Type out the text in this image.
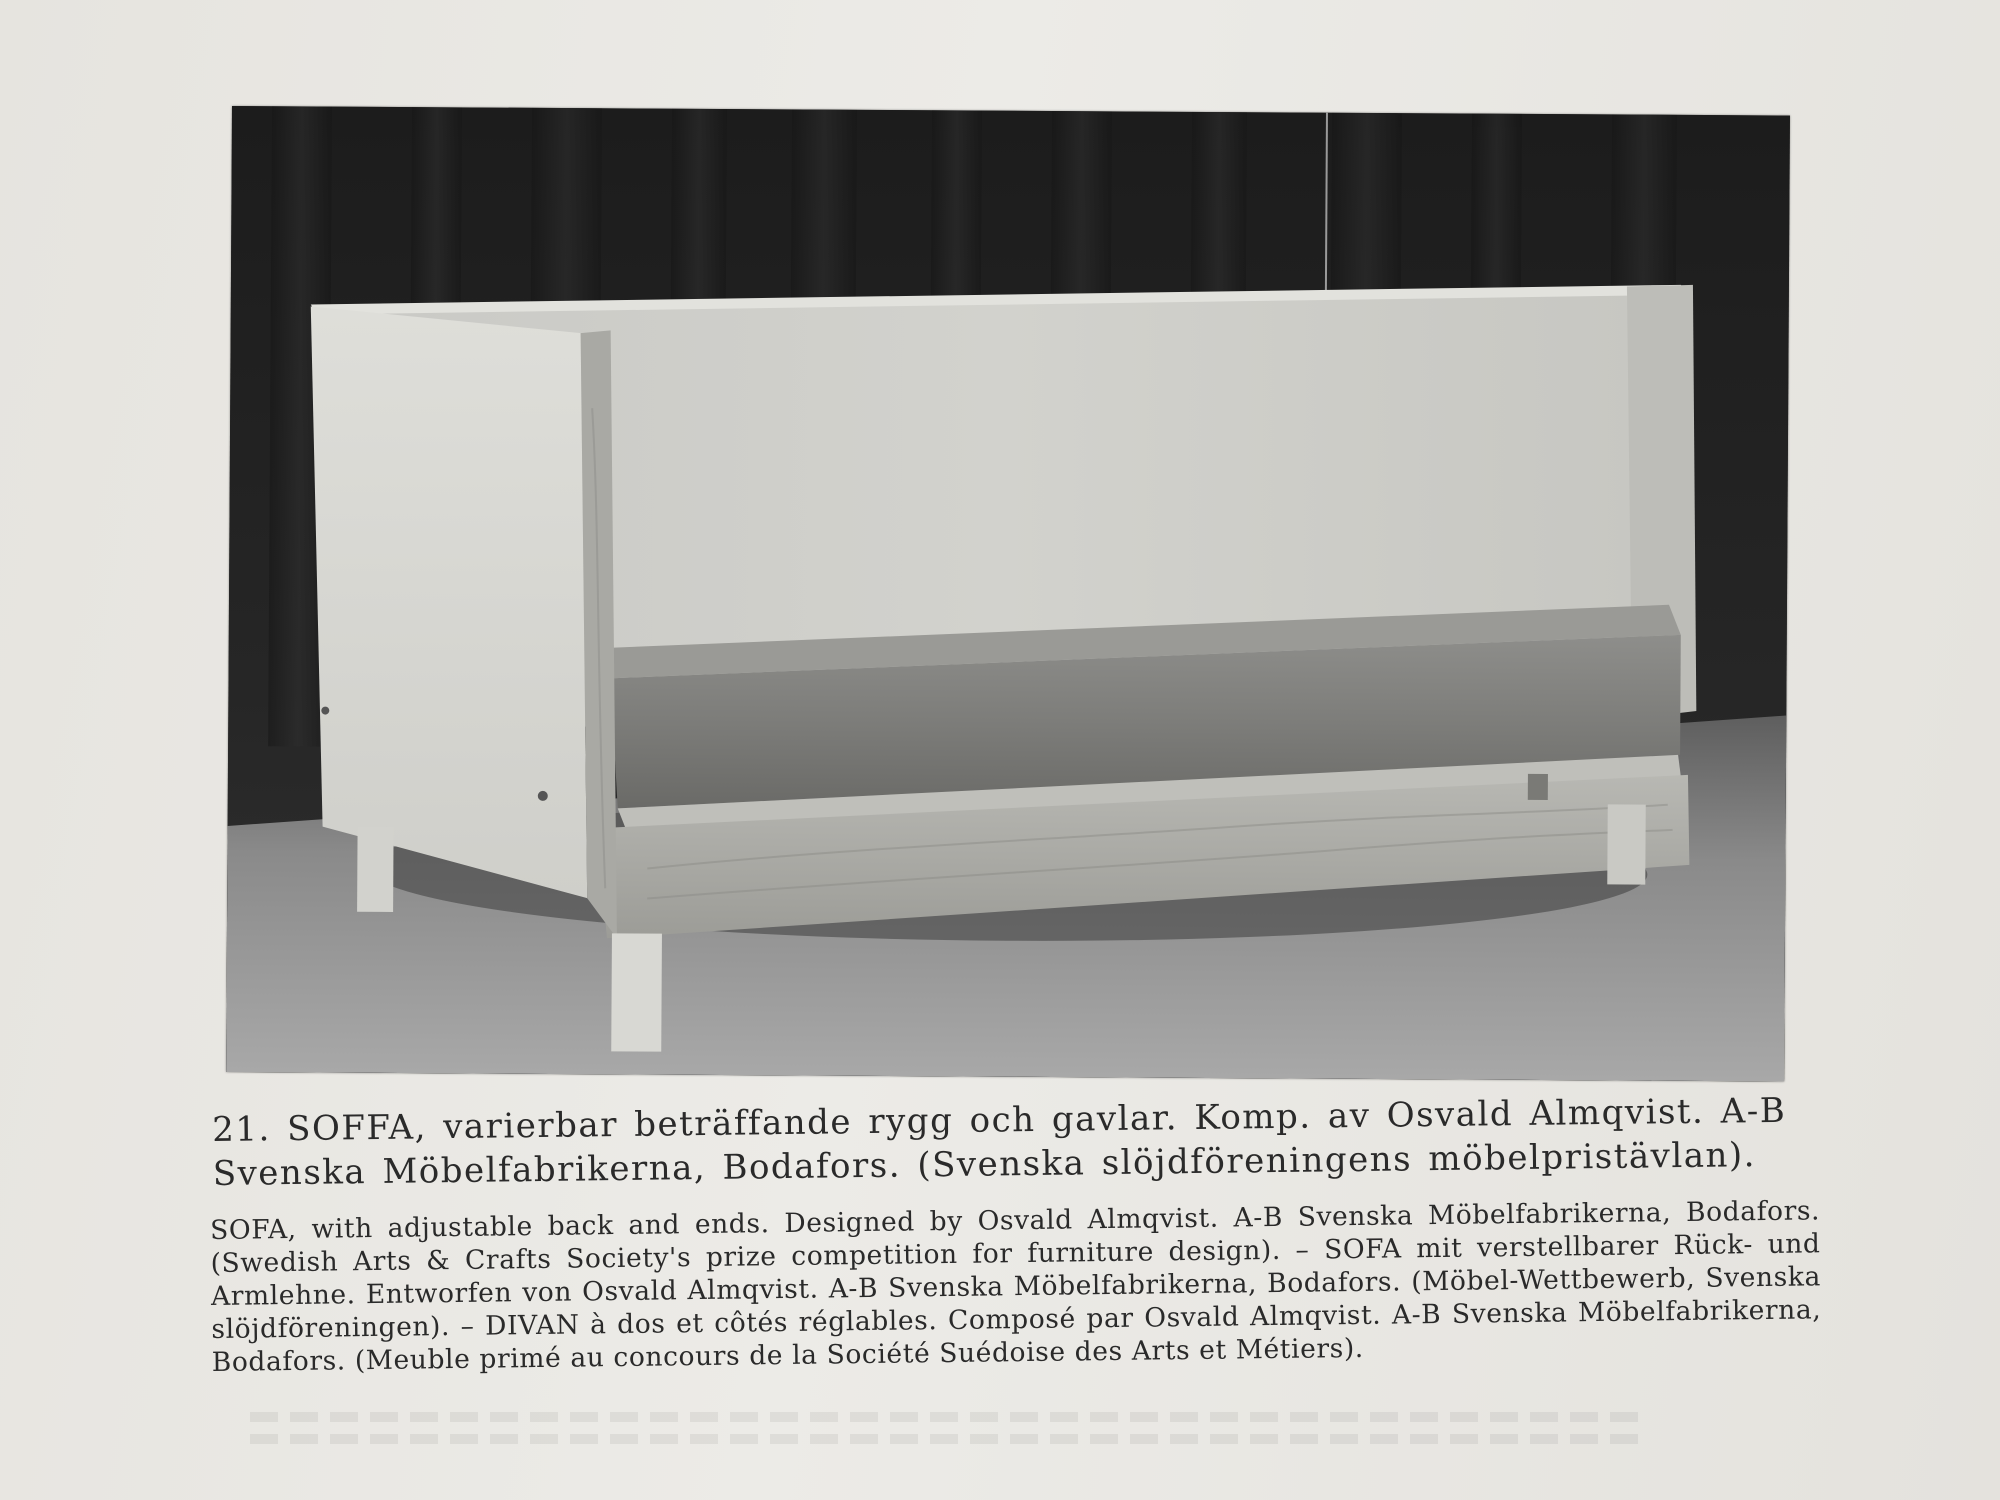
21. SOFFA, varierbar beträffande rygg och gavlar. Komp. av Osvald Almqvist. A-B Svenska Möbelfabrikerna, Bodafors. (Svenska slöjdföreningens möbelpristävlan).

SOFA, with adjustable back and ends. Designed by Osvald Almqvist. A-B Svenska Möbelfabrikerna, Bodafors. (Swedish Arts & Crafts Society's prize competition for furniture design). – SOFA mit verstellbarer Rück- und Armlehne. Entworfen von Osvald Almqvist. A-B Svenska Möbelfabrikerna, Bodafors. (Möbel-Wettbewerb, Svenska slöjdföreningen). – DIVAN à dos et côtés réglables. Composé par Osvald Almqvist. A-B Svenska Möbelfabrikerna, Bodafors. (Meuble primé au concours de la Société Suédoise des Arts et Métiers).
